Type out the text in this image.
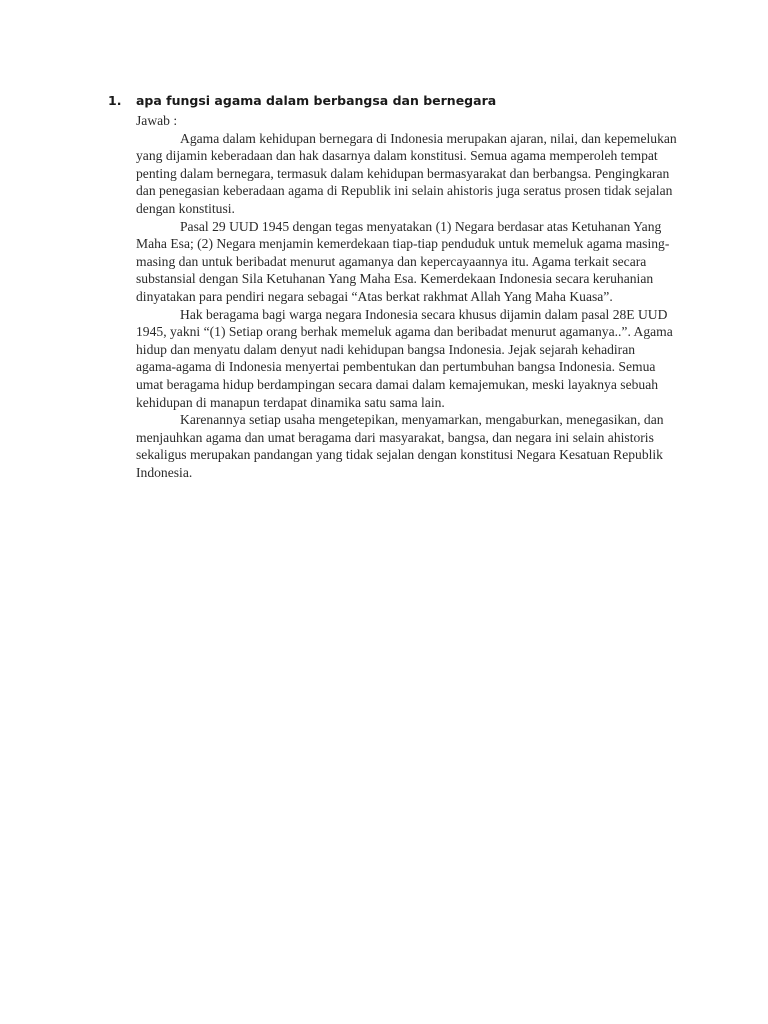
1. apa fungsi agama dalam berbangsa dan bernegara

Jawab :

Agama dalam kehidupan bernegara di Indonesia merupakan ajaran, nilai, dan kepemelukan yang dijamin keberadaan dan hak dasarnya dalam konstitusi. Semua agama memperoleh tempat penting dalam bernegara, termasuk dalam kehidupan bermasyarakat dan berbangsa. Pengingkaran dan penegasian keberadaan agama di Republik ini selain ahistoris juga seratus prosen tidak sejalan dengan konstitusi.

Pasal 29 UUD 1945 dengan tegas menyatakan (1) Negara berdasar atas Ketuhanan Yang Maha Esa; (2) Negara menjamin kemerdekaan tiap-tiap penduduk untuk memeluk agama masing-masing dan untuk beribadat menurut agamanya dan kepercayaannya itu. Agama terkait secara substansial dengan Sila Ketuhanan Yang Maha Esa. Kemerdekaan Indonesia secara keruhanian dinyatakan para pendiri negara sebagai “Atas berkat rakhmat Allah Yang Maha Kuasa”.

Hak beragama bagi warga negara Indonesia secara khusus dijamin dalam pasal 28E UUD 1945, yakni “(1) Setiap orang berhak memeluk agama dan beribadat menurut agamanya..”. Agama hidup dan menyatu dalam denyut nadi kehidupan bangsa Indonesia. Jejak sejarah kehadiran agama-agama di Indonesia menyertai pembentukan dan pertumbuhan bangsa Indonesia. Semua umat beragama hidup berdampingan secara damai dalam kemajemukan, meski layaknya sebuah kehidupan di manapun terdapat dinamika satu sama lain.

Karenannya setiap usaha mengetepikan, menyamarkan, mengaburkan, menegasikan, dan menjauhkan agama dan umat beragama dari masyarakat, bangsa, dan negara ini selain ahistoris sekaligus merupakan pandangan yang tidak sejalan dengan konstitusi Negara Kesatuan Republik Indonesia.
